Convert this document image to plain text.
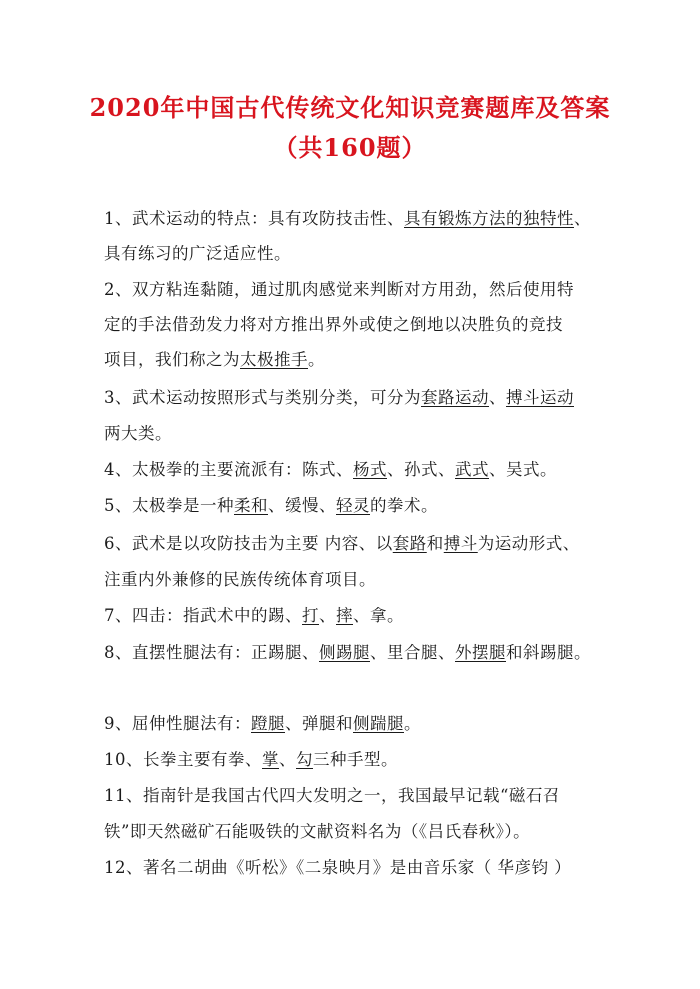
2020年中国古代传统文化知识竞赛题库及答案
（共160题）
1、武术运动的特点：具有攻防技击性、具有锻炼方法的独特性、
具有练习的广泛适应性。
2、双方粘连黏随，通过肌肉感觉来判断对方用劲，然后使用特
定的手法借劲发力将对方推出界外或使之倒地以决胜负的竞技
项目，我们称之为太极推手。
3、武术运动按照形式与类别分类，可分为套路运动、搏斗运动
两大类。
4、太极拳的主要流派有：陈式、杨式、孙式、武式、吴式。
5、太极拳是一种柔和、缓慢、轻灵的拳术。
6、武术是以攻防技击为主要 内容、以套路和搏斗为运动形式、
注重内外兼修的民族传统体育项目。
7、四击：指武术中的踢、打、摔、拿。
8、直摆性腿法有：正踢腿、侧踢腿、里合腿、外摆腿和斜踢腿。
9、屈伸性腿法有：蹬腿、弹腿和侧踹腿。
10、长拳主要有拳、掌、勾三种手型。
11、指南针是我国古代四大发明之一，我国最早记载“磁石召
铁”即天然磁矿石能吸铁的文献资料名为（《吕氏春秋》）。
12、著名二胡曲《听松》《二泉映月》是由音乐家（ 华彦钧 ）
